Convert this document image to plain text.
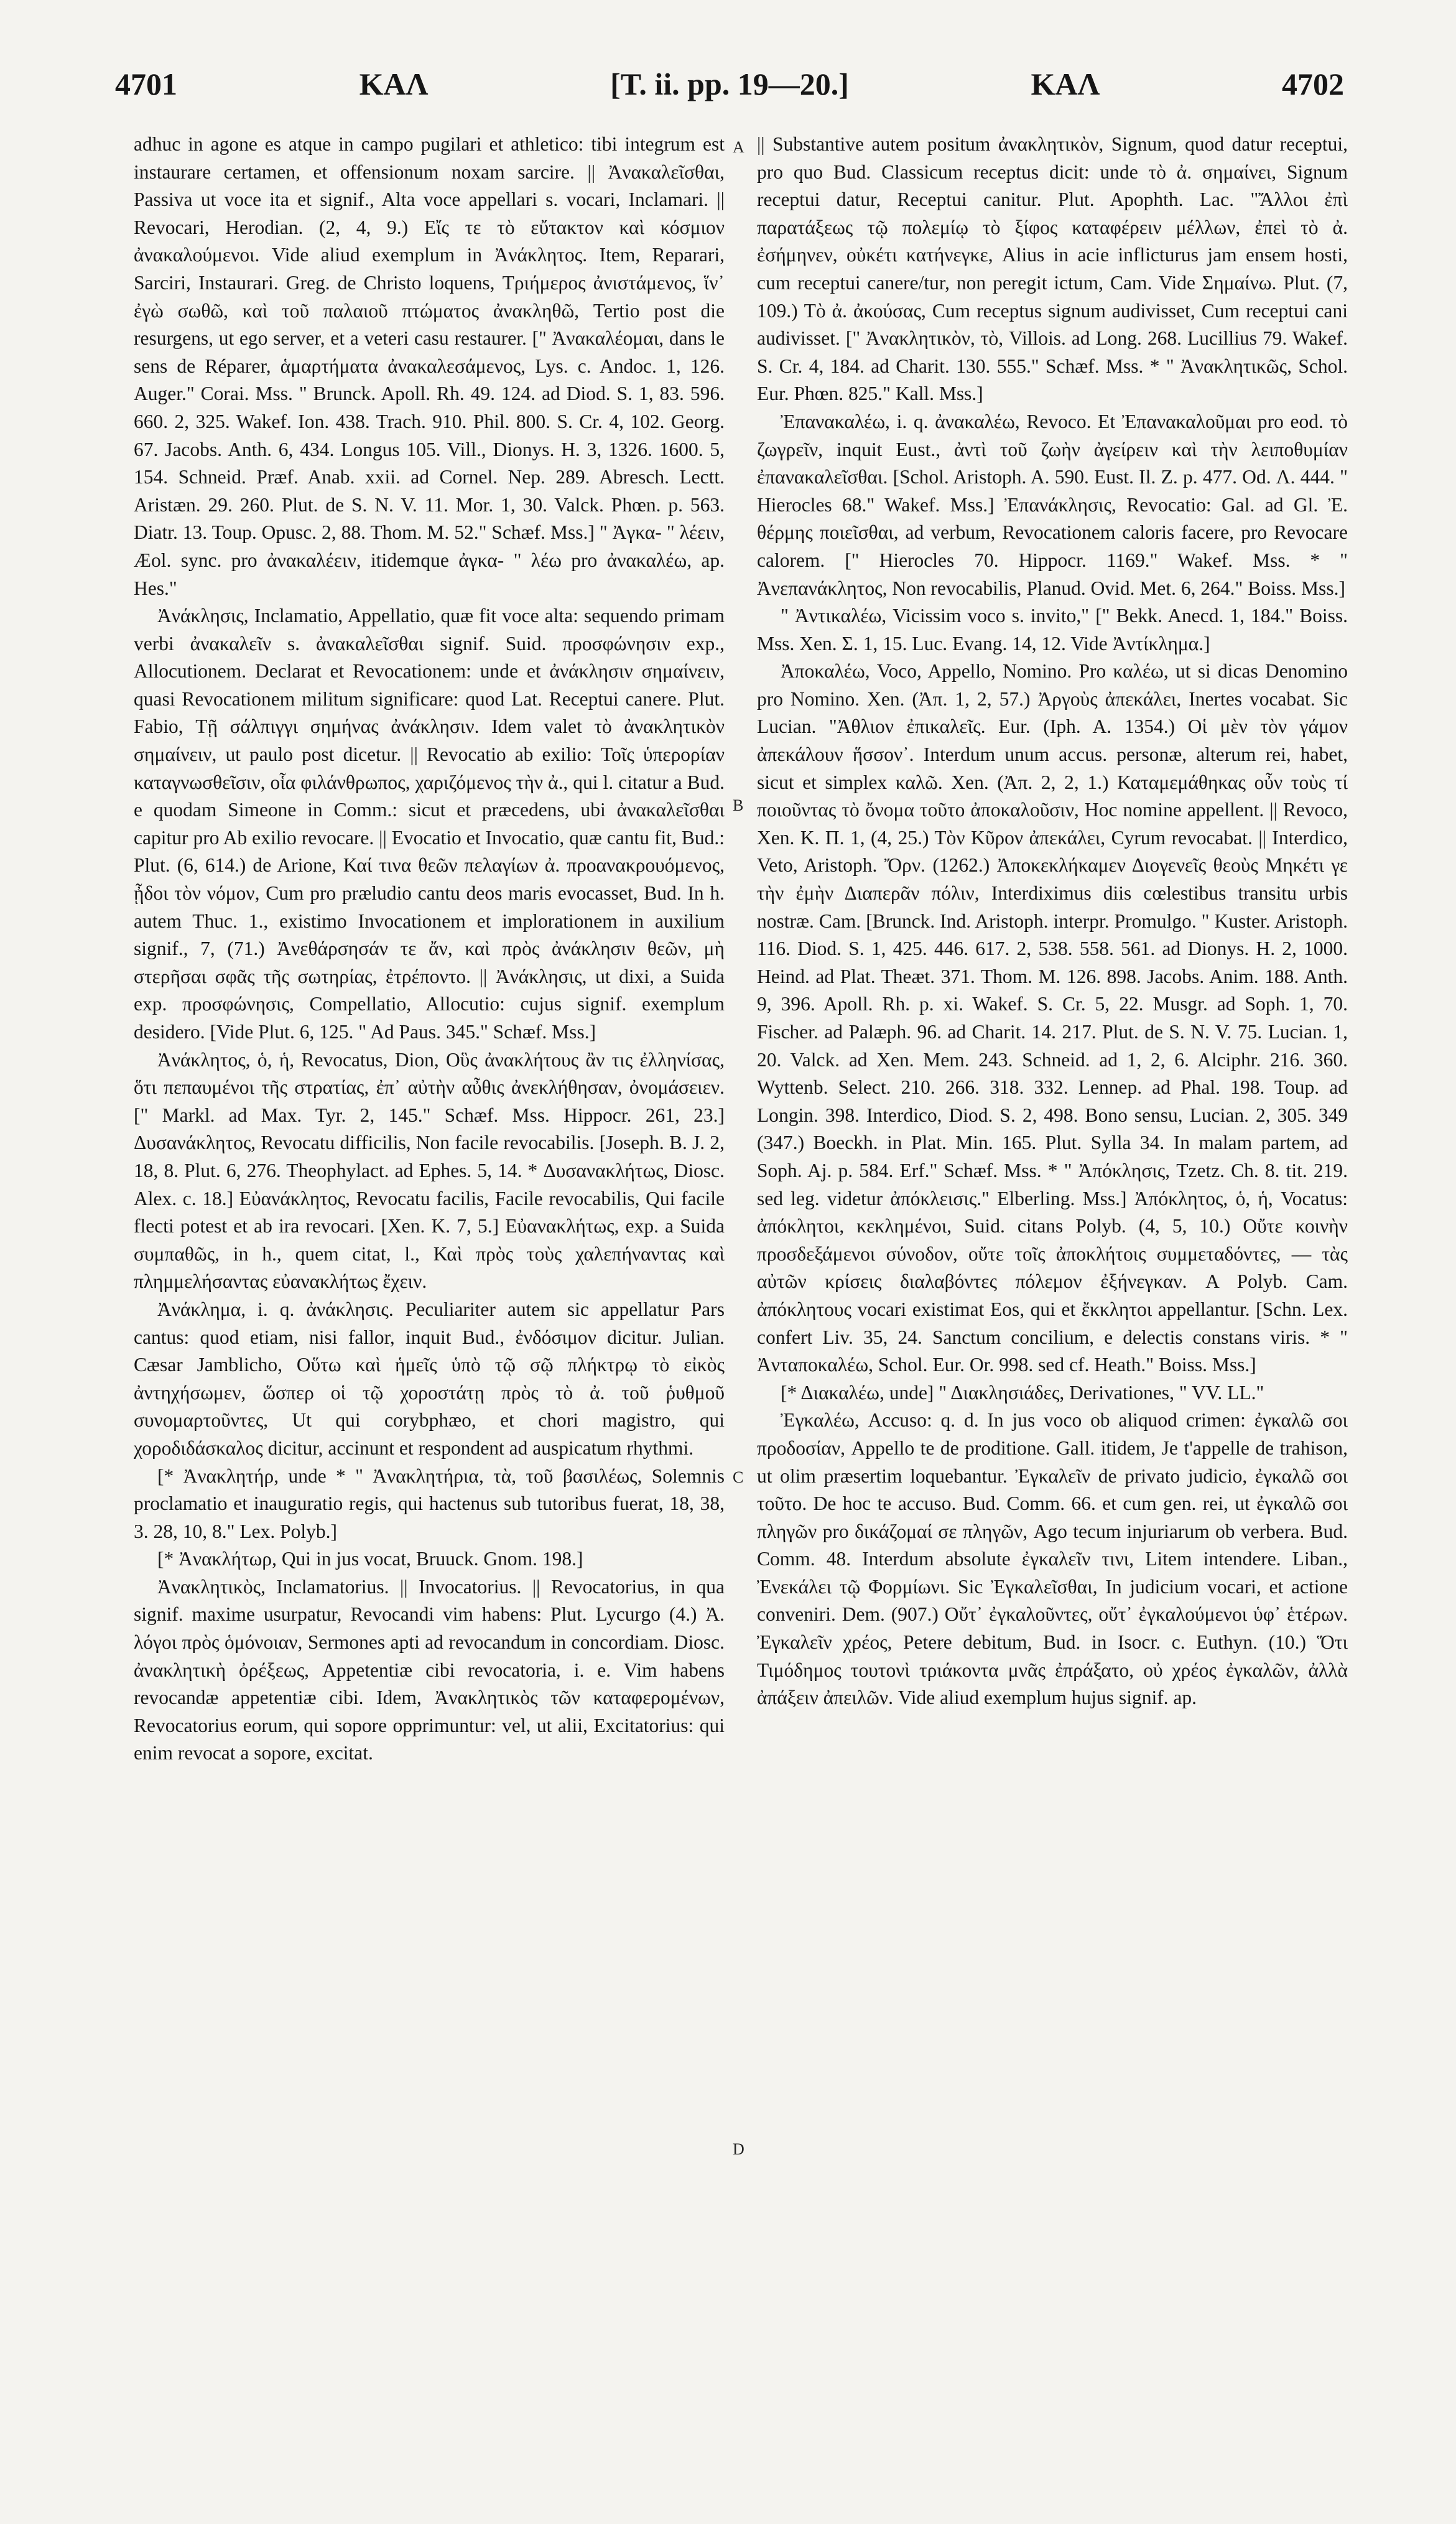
4701	ΚΑΛ	[T. ii. pp. 19—20.]	ΚΑΛ	4702
A
B
C
D

adhuc in agone es atque in campo pugilari et athletico: tibi integrum est instaurare certamen, et offensionum noxam sarcire. || Ἀνακαλεῖσθαι, Passiva ut voce ita et signif., Alta voce appellari s. vocari, Inclamari. || Revocari, Herodian. (2, 4, 9.) Εἴς τε τὸ εὔτακτον καὶ κόσμιον ἀνακαλούμενοι. Vide aliud exemplum in Ἀνάκλητος. Item, Reparari, Sarciri, Instaurari. Greg. de Christo loquens, Τριήμερος ἀνιστάμενος, ἵν᾽ ἐγὼ σωθῶ, καὶ τοῦ παλαιοῦ πτώματος ἀνακληθῶ, Tertio post die resurgens, ut ego server, et a veteri casu restaurer. [" Ἀνακαλέομαι, dans le sens de Réparer, ἁμαρτήματα ἀνακαλεσάμενος, Lys. c. Andoc. 1, 126. Auger." Corai. Mss. " Brunck. Apoll. Rh. 49. 124. ad Diod. S. 1, 83. 596. 660. 2, 325. Wakef. Ion. 438. Trach. 910. Phil. 800. S. Cr. 4, 102. Georg. 67. Jacobs. Anth. 6, 434. Longus 105. Vill., Dionys. H. 3, 1326. 1600. 5, 154. Schneid. Præf. Anab. xxii. ad Cornel. Nep. 289. Abresch. Lectt. Aristæn. 29. 260. Plut. de S. N. V. 11. Mor. 1, 30. Valck. Phœn. p. 563. Diatr. 13. Toup. Opusc. 2, 88. Thom. M. 52." Schæf. Mss.] " Ἀγκα- " λέειν, Æol. sync. pro ἀνακαλέειν, itidemque ἀγκα- " λέω pro ἀνακαλέω, ap. Hes."

Ἀνάκλησις, Inclamatio, Appellatio, quæ fit voce alta: sequendo primam verbi ἀνακαλεῖν s. ἀνακαλεῖσθαι signif. Suid. προσφώνησιν exp., Allocutionem. Declarat et Revocationem: unde et ἀνάκλησιν σημαίνειν, quasi Revocationem militum significare: quod Lat. Receptui canere. Plut. Fabio, Τῇ σάλπιγγι σημήνας ἀνάκλησιν. Idem valet τὸ ἀνακλητικὸν σημαίνειν, ut paulo post dicetur. || Revocatio ab exilio: Τοῖς ὑπερορίαν καταγνωσθεῖσιν, οἷα φιλάνθρωπος, χαριζόμενος τὴν ἀ., qui l. citatur a Bud. e quodam Simeone in Comm.: sicut et præcedens, ubi ἀνακαλεῖσθαι capitur pro Ab exilio revocare. || Evocatio et Invocatio, quæ cantu fit, Bud.: Plut. (6, 614.) de Arione, Καί τινα θεῶν πελαγίων ἀ. προανακρουόμενος, ᾖδοι τὸν νόμον, Cum pro præludio cantu deos maris evocasset, Bud. In h. autem Thuc. 1., existimo Invocationem et implorationem in auxilium signif., 7, (71.) Ἀνεθάρσησάν τε ἄν, καὶ πρὸς ἀνάκλησιν θεῶν, μὴ στερῆσαι σφᾶς τῆς σωτηρίας, ἐτρέποντο. || Ἀνάκλησις, ut dixi, a Suida exp. προσφώνησις, Compellatio, Allocutio: cujus signif. exemplum desidero. [Vide Plut. 6, 125. " Ad Paus. 345." Schæf. Mss.]

Ἀνάκλητος, ὁ, ἡ, Revocatus, Dion, Οὓς ἀνακλήτους ἂν τις ἐλληνίσας, ὅτι πεπαυμένοι τῆς στρατίας, ἐπ᾽ αὐτὴν αὖθις ἀνεκλήθησαν, ὀνομάσειεν. [" Markl. ad Max. Tyr. 2, 145." Schæf. Mss. Hippocr. 261, 23.] Δυσανάκλητος, Revocatu difficilis, Non facile revocabilis. [Joseph. B. J. 2, 18, 8. Plut. 6, 276. Theophylact. ad Ephes. 5, 14. * Δυσανακλήτως, Diosc. Alex. c. 18.] Εὐανάκλητος, Revocatu facilis, Facile revocabilis, Qui facile flecti potest et ab ira revocari. [Xen. K. 7, 5.] Εὐανακλήτως, exp. a Suida συμπαθῶς, in h., quem citat, l., Καὶ πρὸς τοὺς χαλεπήναντας καὶ πλημμελήσαντας εὐανακλήτως ἔχειν.

Ἀνάκλημα, i. q. ἀνάκλησις. Peculiariter autem sic appellatur Pars cantus: quod etiam, nisi fallor, inquit Bud., ἐνδόσιμον dicitur. Julian. Cæsar Jamblicho, Οὕτω καὶ ἡμεῖς ὑπὸ τῷ σῷ πλήκτρῳ τὸ εἰκὸς ἀντηχήσωμεν, ὥσπερ οἱ τῷ χοροστάτῃ πρὸς τὸ ἀ. τοῦ ῥυθμοῦ συνομαρτοῦντες, Ut qui corybphæo, et chori magistro, qui χοροδιδάσκαλος dicitur, accinunt et respondent ad auspicatum rhythmi.

[* Ἀνακλητήρ, unde * " Ἀνακλητήρια, τὰ, τοῦ βασιλέως, Solemnis proclamatio et inauguratio regis, qui hactenus sub tutoribus fuerat, 18, 38, 3. 28, 10, 8." Lex. Polyb.]

[* Ἀνακλήτωρ, Qui in jus vocat, Bruuck. Gnom. 198.]

Ἀνακλητικὸς, Inclamatorius. || Invocatorius. || Revocatorius, in qua signif. maxime usurpatur, Revocandi vim habens: Plut. Lycurgo (4.) Ἀ. λόγοι πρὸς ὁμόνοιαν, Sermones apti ad revocandum in concordiam. Diosc. ἀνακλητικὴ ὀρέξεως, Appetentiæ cibi revocatoria, i. e. Vim habens revocandæ appetentiæ cibi. Idem, Ἀνακλητικὸς τῶν καταφερομένων, Revocatorius eorum, qui sopore opprimuntur: vel, ut alii, Excitatorius: qui enim revocat a sopore, excitat.

|| Substantive autem positum ἀνακλητικὸν, Signum, quod datur receptui, pro quo Bud. Classicum receptus dicit: unde τὸ ἀ. σημαίνει, Signum receptui datur, Receptui canitur. Plut. Apophth. Lac. "Ἄλλοι ἐπὶ παρατάξεως τῷ πολεμίῳ τὸ ξίφος καταφέρειν μέλλων, ἐπεὶ τὸ ἀ. ἐσήμηνεν, οὐκέτι κατήνεγκε, Alius in acie inflicturus jam ensem hosti, cum receptui canere/tur, non peregit ictum, Cam. Vide Σημαίνω. Plut. (7, 109.) Τὸ ἀ. ἀκούσας, Cum receptus signum audivisset, Cum receptui cani audivisset. [" Ἀνακλητικὸν, τὸ, Villois. ad Long. 268. Lucillius 79. Wakef. S. Cr. 4, 184. ad Charit. 130. 555." Schæf. Mss. * " Ἀνακλητικῶς, Schol. Eur. Phœn. 825." Kall. Mss.]

Ἐπανακαλέω, i. q. ἀνακαλέω, Revoco. Et Ἐπανακαλοῦμαι pro eod. τὸ ζωγρεῖν, inquit Eust., ἀντὶ τοῦ ζωὴν ἀγείρειν καὶ τὴν λειποθυμίαν ἐπανακαλεῖσθαι. [Schol. Aristoph. A. 590. Eust. Il. Z. p. 477. Od. Λ. 444. " Hierocles 68." Wakef. Mss.] Ἐπανάκλησις, Revocatio: Gal. ad Gl. Ἐ. θέρμης ποιεῖσθαι, ad verbum, Revocationem caloris facere, pro Revocare calorem. [" Hierocles 70. Hippocr. 1169." Wakef. Mss. * " Ἀνεπανάκλητος, Non revocabilis, Planud. Ovid. Met. 6, 264." Boiss. Mss.]

" Ἀντικαλέω, Vicissim voco s. invito," [" Bekk. Anecd. 1, 184." Boiss. Mss. Xen. Σ. 1, 15. Luc. Evang. 14, 12. Vide Ἀντίκλημα.]

Ἀποκαλέω, Voco, Appello, Nomino. Pro καλέω, ut si dicas Denomino pro Nomino. Xen. (Ἀπ. 1, 2, 57.) Ἀργοὺς ἀπεκάλει, Inertes vocabat. Sic Lucian. "Ἀθλιον ἐπικαλεῖς. Eur. (Iph. A. 1354.) Οἱ μὲν τὸν γάμον ἀπεκάλουν ἥσσον᾽. Interdum unum accus. personæ, alterum rei, habet, sicut et simplex καλῶ. Xen. (Ἀπ. 2, 2, 1.) Καταμεμάθηκας οὖν τοὺς τί ποιοῦντας τὸ ὄνομα τοῦτο ἀποκαλοῦσιν, Hoc nomine appellent. || Revoco, Xen. K. Π. 1, (4, 25.) Τὸν Κῦρον ἀπεκάλει, Cyrum revocabat. || Interdico, Veto, Aristoph. Ὄρν. (1262.) Ἀποκεκλήκαμεν Διογενεῖς θεοὺς Μηκέτι γε τὴν ἐμὴν Διαπερᾶν πόλιν, Interdiximus diis cœlestibus transitu urbis nostræ. Cam. [Brunck. Ind. Aristoph. interpr. Promulgo. " Kuster. Aristoph. 116. Diod. S. 1, 425. 446. 617. 2, 538. 558. 561. ad Dionys. H. 2, 1000. Heind. ad Plat. Theæt. 371. Thom. M. 126. 898. Jacobs. Anim. 188. Anth. 9, 396. Apoll. Rh. p. xi. Wakef. S. Cr. 5, 22. Musgr. ad Soph. 1, 70. Fischer. ad Palæph. 96. ad Charit. 14. 217. Plut. de S. N. V. 75. Lucian. 1, 20. Valck. ad Xen. Mem. 243. Schneid. ad 1, 2, 6. Alciphr. 216. 360. Wyttenb. Select. 210. 266. 318. 332. Lennep. ad Phal. 198. Toup. ad Longin. 398. Interdico, Diod. S. 2, 498. Bono sensu, Lucian. 2, 305. 349 (347.) Boeckh. in Plat. Min. 165. Plut. Sylla 34. In malam partem, ad Soph. Aj. p. 584. Erf." Schæf. Mss. * " Ἀπόκλησις, Tzetz. Ch. 8. tit. 219. sed leg. videtur ἀπόκλεισις." Elberling. Mss.] Ἀπόκλητος, ὁ, ἡ, Vocatus: ἀπόκλητοι, κεκλημένοι, Suid. citans Polyb. (4, 5, 10.) Οὔτε κοινὴν προσδεξάμενοι σύνοδον, οὔτε τοῖς ἀποκλήτοις συμμεταδόντες, — τὰς αὐτῶν κρίσεις διαλαβόντες πόλεμον ἐξήνεγκαν. A Polyb. Cam. ἀπόκλητους vocari existimat Eos, qui et ἔκκλητοι appellantur. [Schn. Lex. confert Liv. 35, 24. Sanctum concilium, e delectis constans viris. * " Ἀνταποκαλέω, Schol. Eur. Or. 998. sed cf. Heath." Boiss. Mss.]

[* Διακαλέω, unde] " Διακλησιάδες, Derivationes, " VV. LL."

Ἐγκαλέω, Accuso: q. d. In jus voco ob aliquod crimen: ἐγκαλῶ σοι προδοσίαν, Appello te de proditione. Gall. itidem, Je t'appelle de trahison, ut olim præsertim loquebantur. Ἐγκαλεῖν de privato judicio, ἐγκαλῶ σοι τοῦτο. De hoc te accuso. Bud. Comm. 66. et cum gen. rei, ut ἐγκαλῶ σοι πληγῶν pro δικάζομαί σε πληγῶν, Ago tecum injuriarum ob verbera. Bud. Comm. 48. Interdum absolute ἐγκαλεῖν τινι, Litem intendere. Liban., Ἐνεκάλει τῷ Φορμίωνι. Sic Ἐγκαλεῖσθαι, In judicium vocari, et actione conveniri. Dem. (907.) Οὔτ᾽ ἐγκαλοῦντες, οὔτ᾽ ἐγκαλούμενοι ὑφ᾽ ἑτέρων. Ἐγκαλεῖν χρέος, Petere debitum, Bud. in Isocr. c. Euthyn. (10.) Ὅτι Τιμόδημος τουτονὶ τριάκοντα μνᾶς ἐπράξατο, οὐ χρέος ἐγκαλῶν, ἀλλὰ ἀπάξειν ἀπειλῶν. Vide aliud exemplum hujus signif. ap.
